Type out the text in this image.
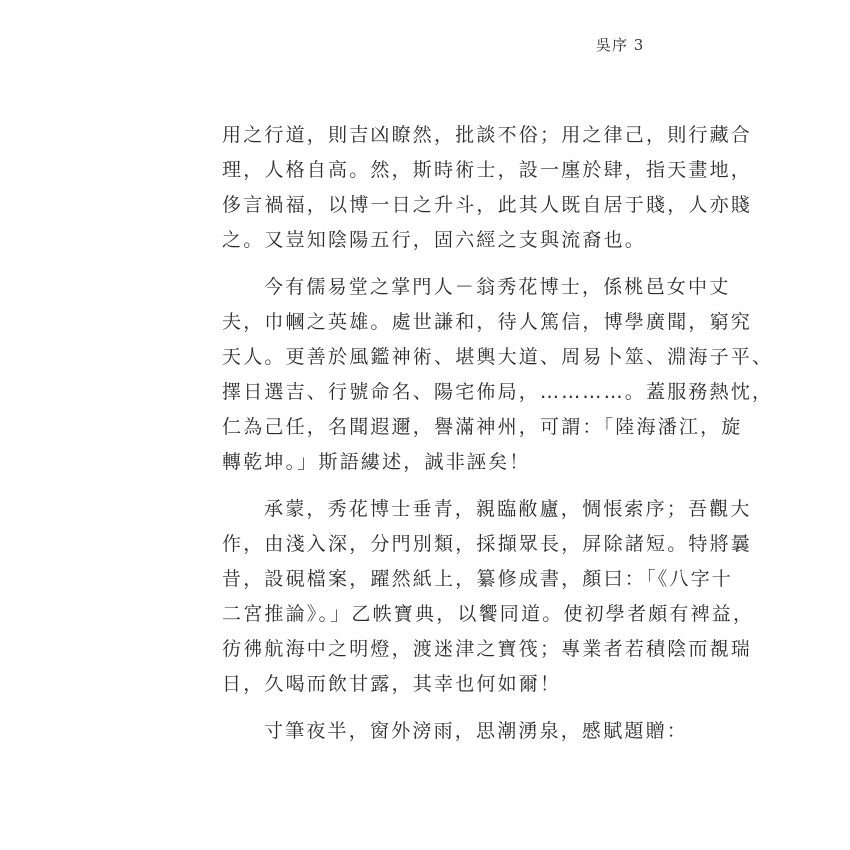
吳序 3
用之行道，則吉凶瞭然，批談不俗；用之律己，則行藏合
理，人格自高。然，斯時術士，設一廛於肆，指天畫地，
侈言禍福，以博一日之升斗，此其人既自居于賤，人亦賤
之。又豈知陰陽五行，固六經之支與流裔也。
今有儒易堂之掌門人－翁秀花博士，係桃邑女中丈
夫，巾幗之英雄。處世謙和，待人篤信，博學廣聞，窮究
天人。更善於風鑑神術、堪輿大道、周易卜筮、淵海子平、
擇日選吉、行號命名、陽宅佈局，…………。蓋服務熱忱，
仁為己任，名聞遐邇，譽滿神州，可謂：「陸海潘江，旋
轉乾坤。」斯語縷述，誠非誣矣！
承蒙，秀花博士垂青，親臨敝廬，惆悵索序；吾觀大
作，由淺入深，分門別類，採擷眾長，屏除諸短。特將曩
昔，設硯檔案，躍然紙上，纂修成書，顏曰：「《八字十
二宮推論》。」乙帙寶典，以饗同道。使初學者頗有裨益，
彷彿航海中之明燈，渡迷津之寶筏；專業者若積陰而覩瑞
日，久喝而飲甘露，其幸也何如爾！
寸筆夜半，窗外滂雨，思潮湧泉，慼賦題贈：
